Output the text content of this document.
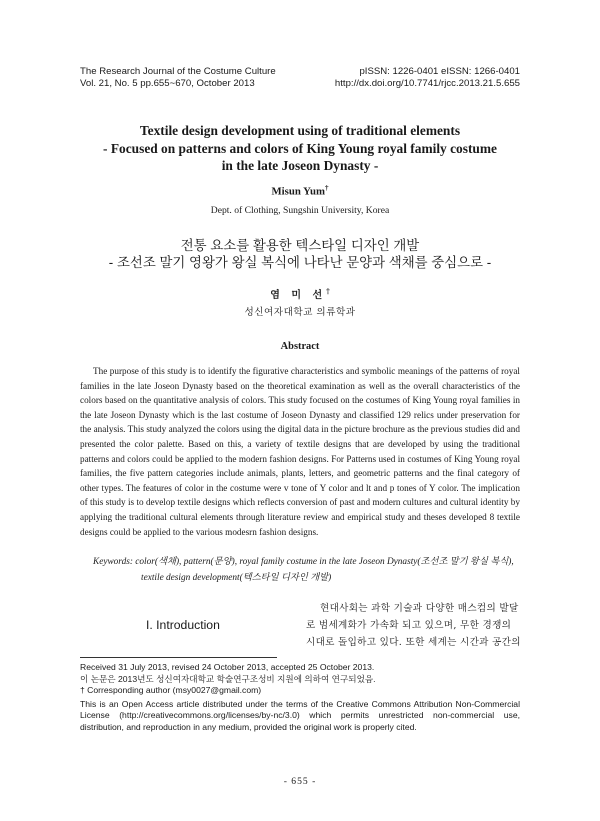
The Research Journal of the Costume Culture
Vol. 21, No. 5 pp.655~670, October 2013
pISSN: 1226-0401 eISSN: 1266-0401
http://dx.doi.org/10.7741/rjcc.2013.21.5.655
Textile design development using of traditional elements
- Focused on patterns and colors of King Young royal family costume
in the late Joseon Dynasty -
Misun Yum†
Dept. of Clothing, Sungshin University, Korea
전통 요소를 활용한 텍스타일 디자인 개발
- 조선조 말기 영왕가 왕실 복식에 나타난 문양과 색채를 중심으로 -
염 미 선†
성신여자대학교 의류학과
Abstract
The purpose of this study is to identify the figurative characteristics and symbolic meanings of the patterns of royal families in the late Joseon Dynasty based on the theoretical examination as well as the overall characteristics of the colors based on the quantitative analysis of colors. This study focused on the costumes of King Young royal families in the late Joseon Dynasty which is the last costume of Joseon Dynasty and classified 129 relics under preservation for the analysis. This study analyzed the colors using the digital data in the picture brochure as the previous studies did and presented the color palette. Based on this, a variety of textile designs that are developed by using the traditional patterns and colors could be applied to the modern fashion designs. For Patterns used in costumes of King Young royal families, the five pattern categories include animals, plants, letters, and geometric patterns and the final category of other types. The features of color in the costume were v tone of Y color and lt and p tones of Y color. The implication of this study is to develop textile designs which reflects conversion of past and modern cultures and cultural identity by applying the traditional cultural elements through literature review and empirical study and theses developed 8 textile designs could be applied to the various modesrn fashion designs.
Keywords: color(색채), pattern(문양), royal family costume in the late Joseon Dynasty(조선조 말기 왕실 복식),
textile design development(텍스타일 디자인 개발)
I. Introduction
현대사회는 과학 기술과 다양한 매스컴의 발달
로 범세계화가 가속화 되고 있으며, 무한 경쟁의
시대로 돌입하고 있다. 또한 세계는 시간과 공간의
Received 31 July 2013, revised 24 October 2013, accepted 25 October 2013.
이 논문은 2013년도 성신여자대학교 학술연구조성비 지원에 의하여 연구되었음.
† Corresponding author (msy0027@gmail.com)
This is an Open Access article distributed under the terms of the Creative Commons Attribution Non-Commercial License (http://creativecommons.org/licenses/by-nc/3.0) which permits unrestricted non-commercial use, distribution, and reproduction in any medium, provided the original work is properly cited.
- 655 -
